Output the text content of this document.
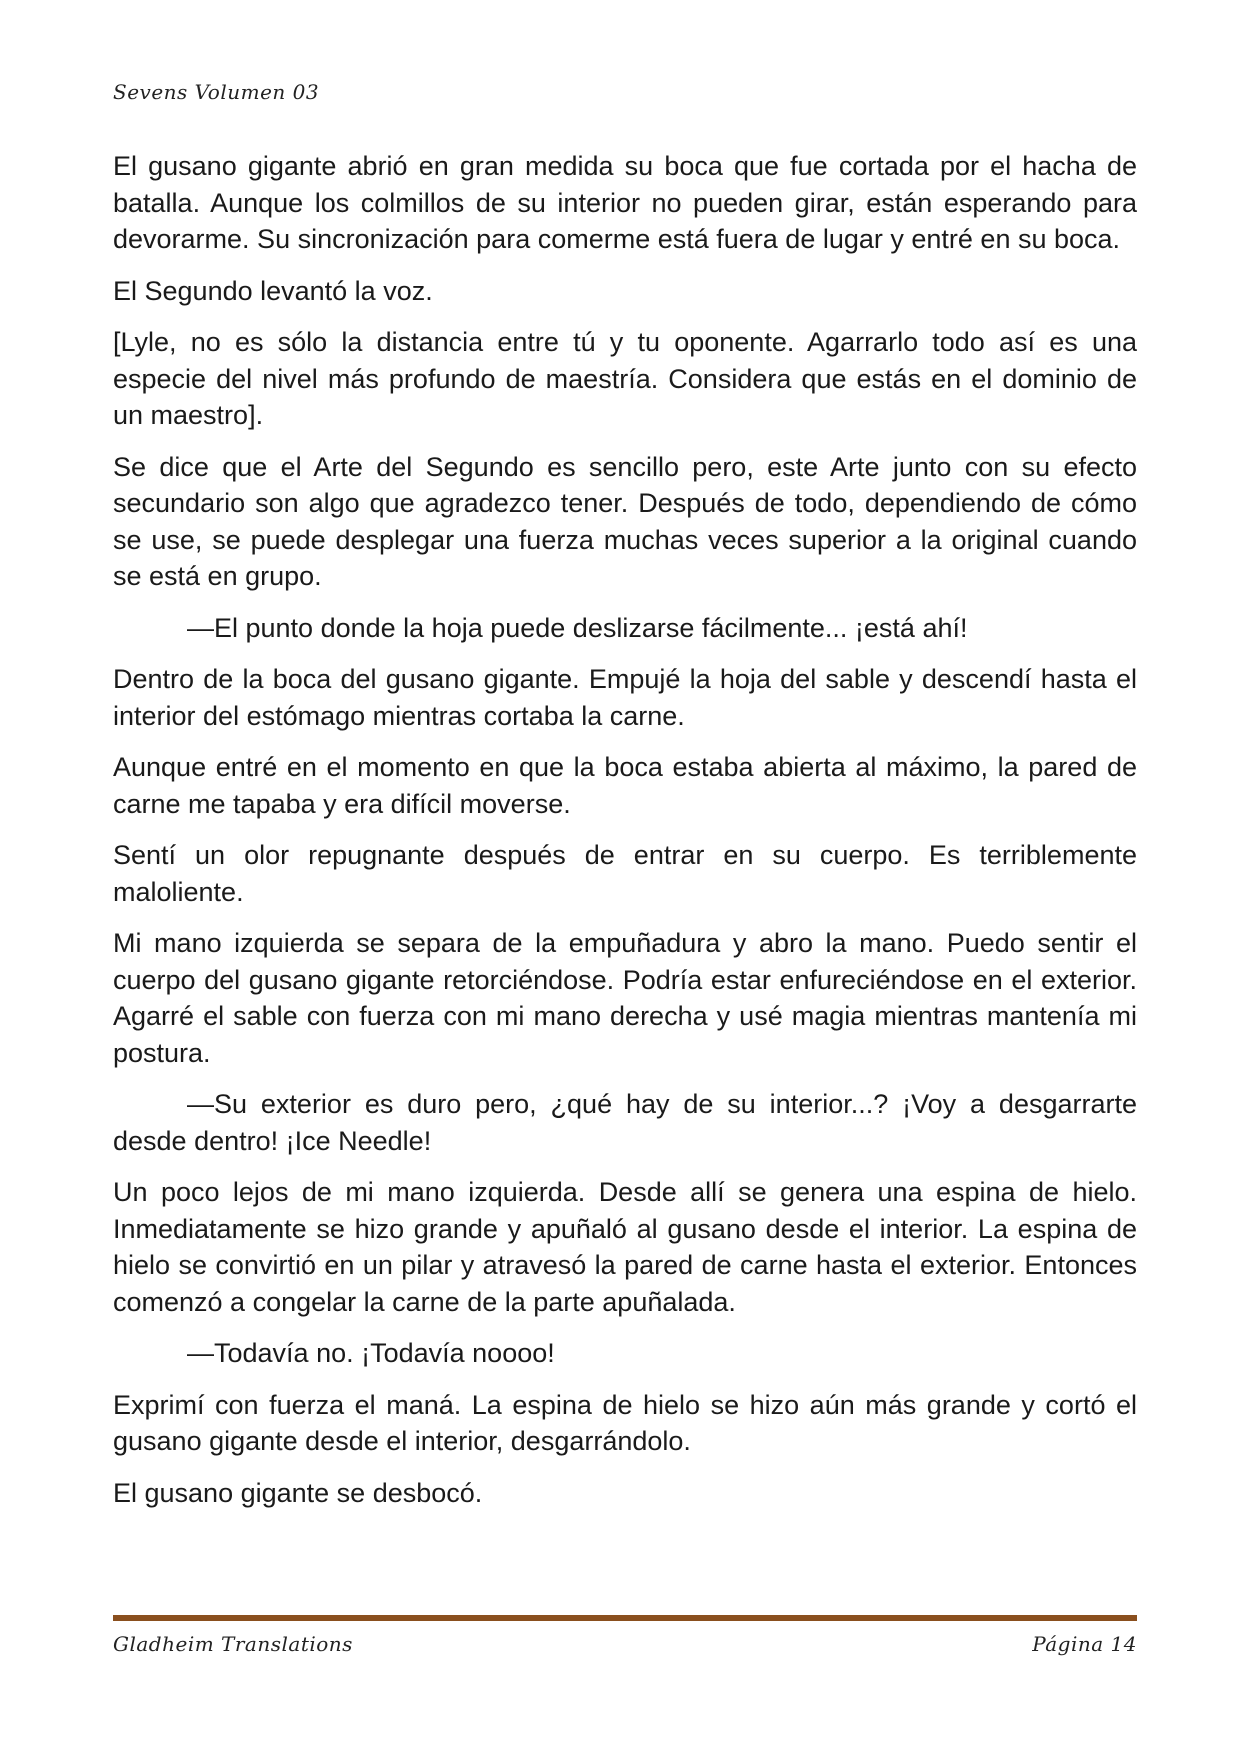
Sevens Volumen 03

El gusano gigante abrió en gran medida su boca que fue cortada por el hacha de batalla. Aunque los colmillos de su interior no pueden girar, están esperando para devorarme. Su sincronización para comerme está fuera de lugar y entré en su boca.

El Segundo levantó la voz.

[Lyle, no es sólo la distancia entre tú y tu oponente. Agarrarlo todo así es una especie del nivel más profundo de maestría. Considera que estás en el dominio de un maestro].

Se dice que el Arte del Segundo es sencillo pero, este Arte junto con su efecto secundario son algo que agradezco tener. Después de todo, dependiendo de cómo se use, se puede desplegar una fuerza muchas veces superior a la original cuando se está en grupo.

—El punto donde la hoja puede deslizarse fácilmente... ¡está ahí!

Dentro de la boca del gusano gigante. Empujé la hoja del sable y descendí hasta el interior del estómago mientras cortaba la carne.

Aunque entré en el momento en que la boca estaba abierta al máximo, la pared de carne me tapaba y era difícil moverse.

Sentí un olor repugnante después de entrar en su cuerpo. Es terriblemente maloliente.

Mi mano izquierda se separa de la empuñadura y abro la mano. Puedo sentir el cuerpo del gusano gigante retorciéndose. Podría estar enfureciéndose en el exterior. Agarré el sable con fuerza con mi mano derecha y usé magia mientras mantenía mi postura.

—Su exterior es duro pero, ¿qué hay de su interior...? ¡Voy a desgarrarte desde dentro! ¡Ice Needle!

Un poco lejos de mi mano izquierda. Desde allí se genera una espina de hielo. Inmediatamente se hizo grande y apuñaló al gusano desde el interior. La espina de hielo se convirtió en un pilar y atravesó la pared de carne hasta el exterior. Entonces comenzó a congelar la carne de la parte apuñalada.

—Todavía no. ¡Todavía noooo!

Exprimí con fuerza el maná. La espina de hielo se hizo aún más grande y cortó el gusano gigante desde el interior, desgarrándolo.

El gusano gigante se desbocó.

Gladheim Translations	Página 14
